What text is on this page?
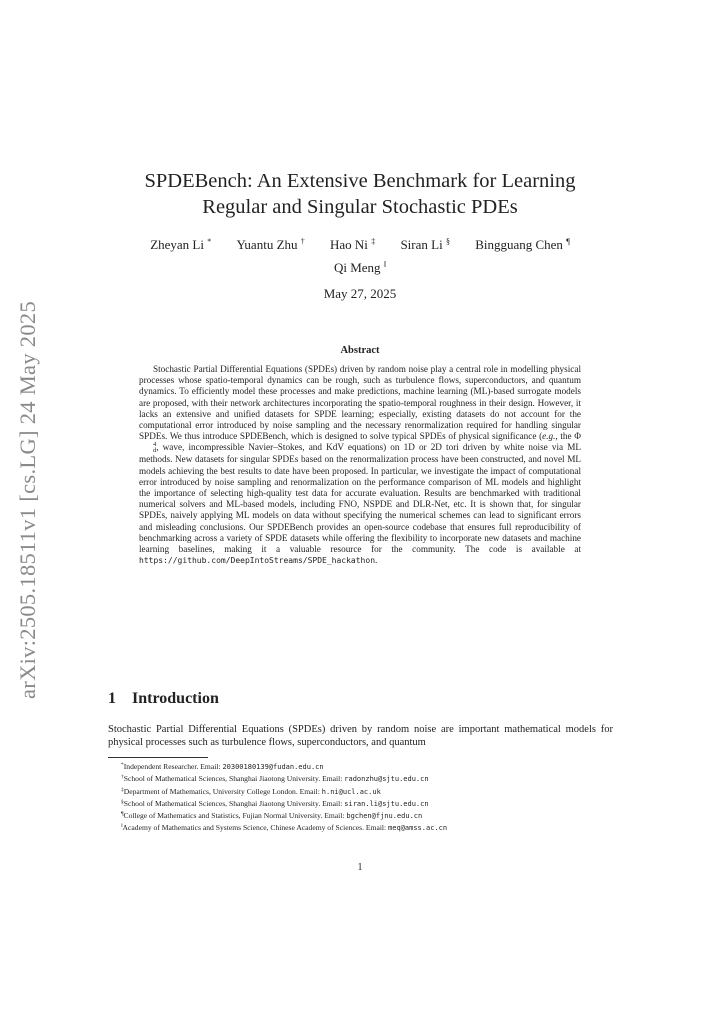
arXiv:2505.18511v1 [cs.LG] 24 May 2025
SPDEBench: An Extensive Benchmark for Learning
Regular and Singular Stochastic PDEs
Zheyan Li * Yuantu Zhu † Hao Ni ‡ Siran Li § Bingguang Chen ¶
Qi Meng ‖
May 27, 2025
Abstract
Stochastic Partial Differential Equations (SPDEs) driven by random noise play a central role in modelling physical processes whose spatio-temporal dynamics can be rough, such as turbulence flows, superconductors, and quantum dynamics. To efficiently model these processes and make predictions, machine learning (ML)-based surrogate models are proposed, with their network architectures incorporating the spatio-temporal roughness in their design. However, it lacks an extensive and unified datasets for SPDE learning; especially, existing datasets do not account for the computational error introduced by noise sampling and the necessary renormalization required for handling singular SPDEs. We thus introduce SPDEBench, which is designed to solve typical SPDEs of physical significance (e.g., the Φ
4
d , wave, incompressible Navier–Stokes, and KdV equations) on 1D or 2D tori driven by white noise via ML methods. New datasets for singular SPDEs based on the renormalization process have been constructed, and novel ML models achieving the best results to date have been proposed. In particular, we investigate the impact of computational error introduced by noise sampling and renormalization on the performance comparison of ML models and highlight the importance of selecting high-quality test data for accurate evaluation. Results are benchmarked with traditional numerical solvers and ML-based models, including FNO, NSPDE and DLR-Net, etc. It is shown that, for singular SPDEs, naively applying ML models on data without specifying the numerical schemes can lead to significant errors and misleading conclusions. Our SPDEBench provides an open-source codebase that ensures full reproducibility of benchmarking across a variety of SPDE datasets while offering the flexibility to incorporate new datasets and machine learning baselines, making it a valuable resource for the community. The code is available at https://github.com/DeepIntoStreams/SPDE_hackathon.
1 Introduction
Stochastic Partial Differential Equations (SPDEs) driven by random noise are important mathematical models for physical processes such as turbulence flows, superconductors, and quantum
*Independent Researcher. Email: 20300180139@fudan.edu.cn
†School of Mathematical Sciences, Shanghai Jiaotong University. Email: radonzhu@sjtu.edu.cn
‡Department of Mathematics, University College London. Email: h.ni@ucl.ac.uk
§School of Mathematical Sciences, Shanghai Jiaotong University. Email: siran.li@sjtu.edu.cn
¶College of Mathematics and Statistics, Fujian Normal University. Email: bgchen@fjnu.edu.cn
‖Academy of Mathematics and Systems Science, Chinese Academy of Sciences. Email: meq@amss.ac.cn
1
